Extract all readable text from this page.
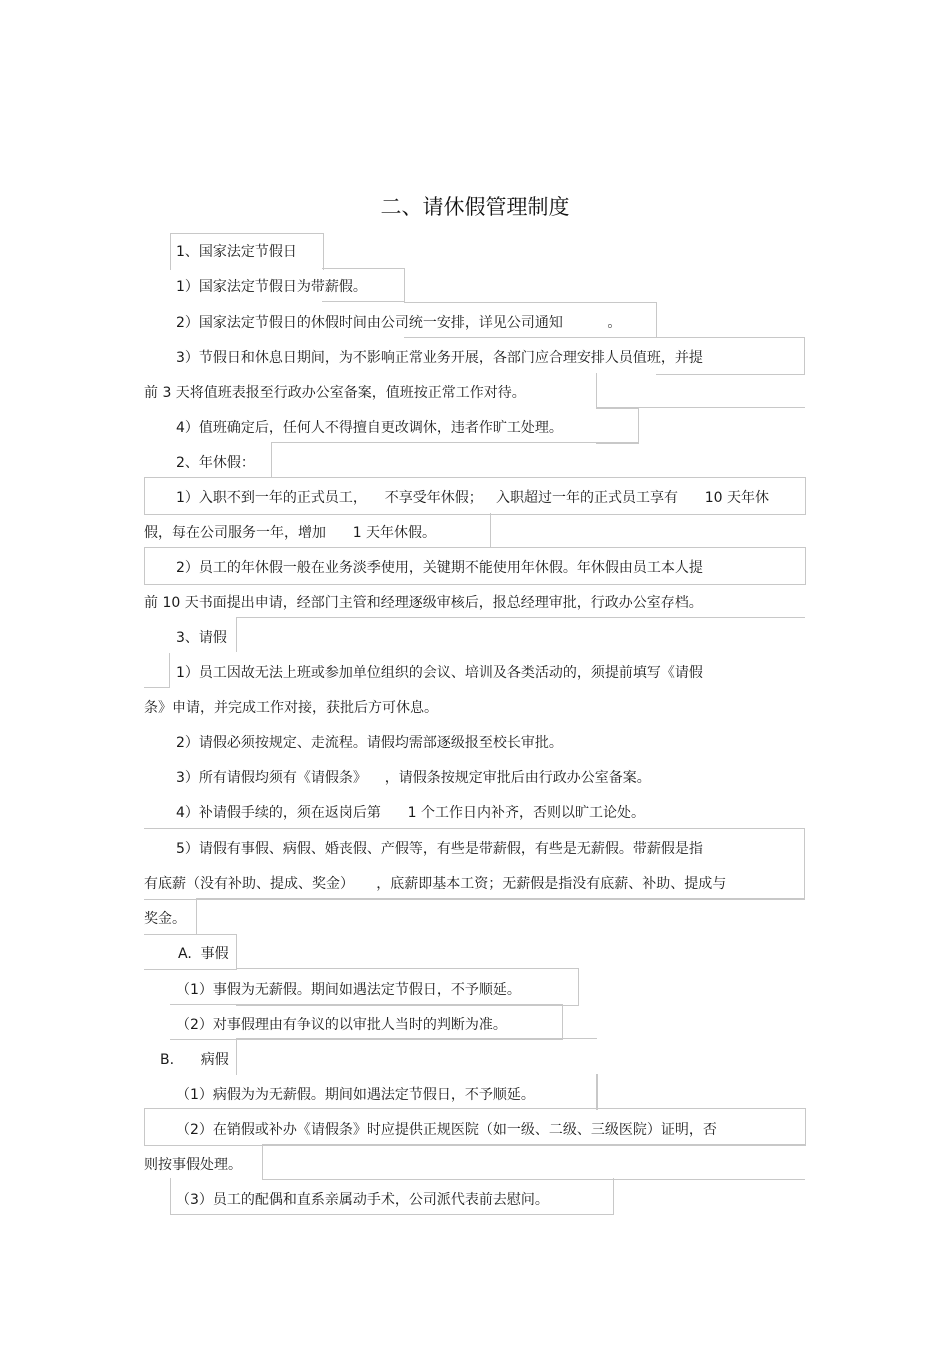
二、请休假管理制度
1、国家法定节假日
1）国家法定节假日为带薪假。
2）国家法定节假日的休假时间由公司统一安排，详见公司通知          。
3）节假日和休息日期间，为不影响正常业务开展，各部门应合理安排人员值班，并提
前 3 天将值班表报至行政办公室备案，值班按正常工作对待。
4）值班确定后，任何人不得擅自更改调休，违者作旷工处理。
2、年休假：
1）入职不到一年的正式员工，    不享受年休假；   入职超过一年的正式员工享有      10 天年休
假，每在公司服务一年，增加      1 天年休假。
2）员工的年休假一般在业务淡季使用，关键期不能使用年休假。年休假由员工本人提
前 10 天书面提出申请，经部门主管和经理逐级审核后，报总经理审批，行政办公室存档。
3、请假
1）员工因故无法上班或参加单位组织的会议、培训及各类活动的，须提前填写《请假
条》申请，并完成工作对接，获批后方可休息。
2）请假必须按规定、走流程。请假均需部逐级报至校长审批。
3）所有请假均须有《请假条》    ，请假条按规定审批后由行政办公室备案。
4）补请假手续的，须在返岗后第      1 个工作日内补齐，否则以旷工论处。
5）请假有事假、病假、婚丧假、产假等，有些是带薪假，有些是无薪假。带薪假是指
有底薪（没有补助、提成、奖金）     ，底薪即基本工资；无薪假是指没有底薪、补助、提成与
奖金。
A.  事假
（1）事假为无薪假。期间如遇法定节假日，不予顺延。
（2）对事假理由有争议的以审批人当时的判断为准。
B.      病假
（1）病假为为无薪假。期间如遇法定节假日，不予顺延。
（2）在销假或补办《请假条》时应提供正规医院（如一级、二级、三级医院）证明，否
则按事假处理。
（3）员工的配偶和直系亲属动手术，公司派代表前去慰问。
